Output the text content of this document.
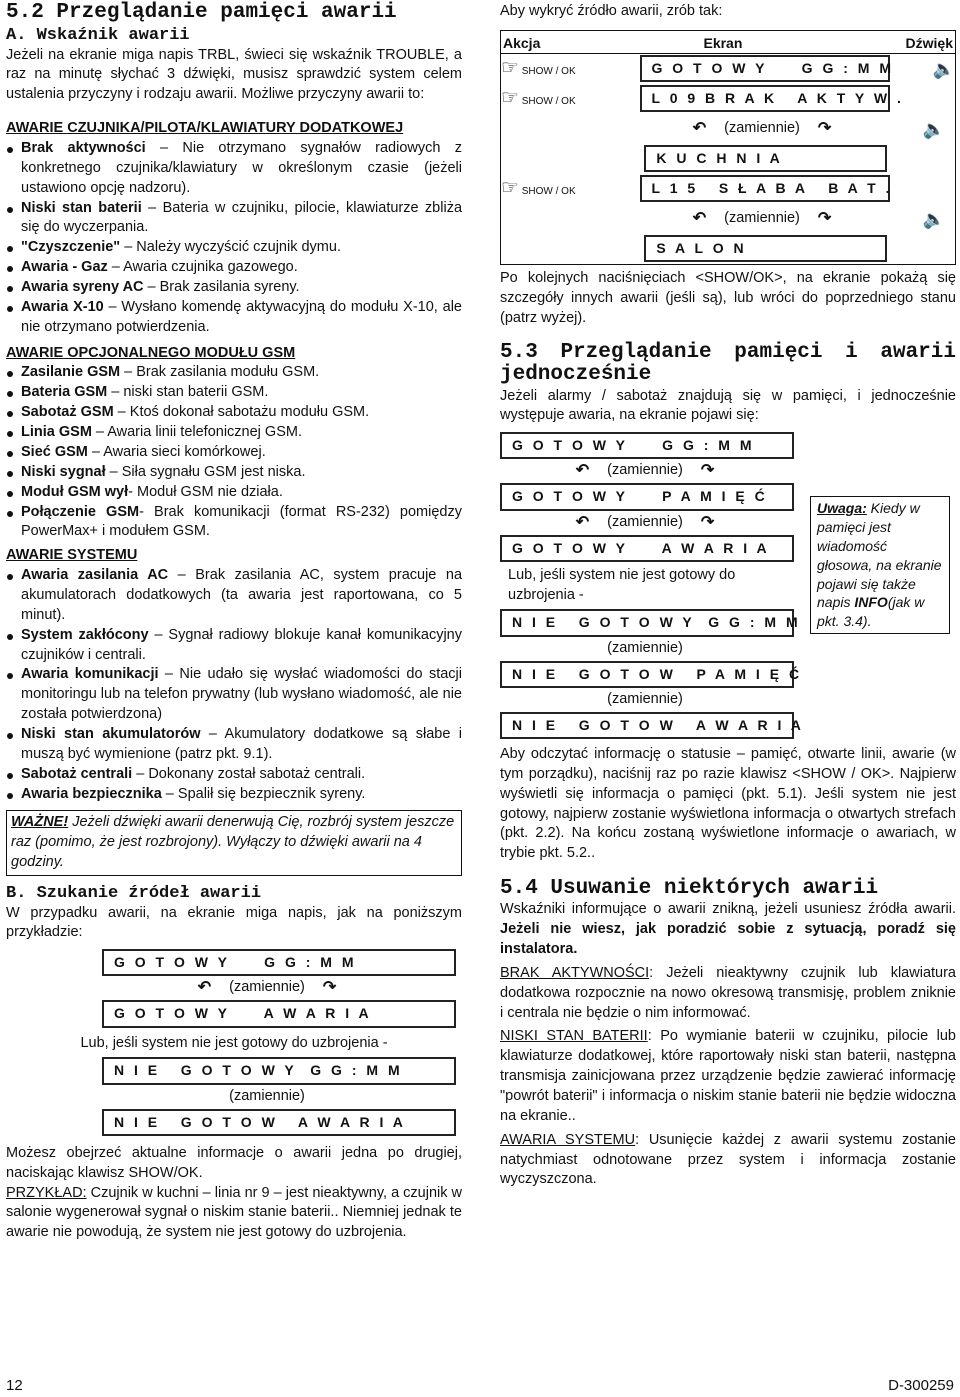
5.2 Przeglądanie pamięci awarii
A. Wskaźnik awarii

Jeżeli na ekranie miga napis TRBL, świeci się wskaźnik TROUBLE, a raz na minutę słychać 3 dźwięki, musisz sprawdzić system celem ustalenia przyczyny i rodzaju awarii. Możliwe przyczyny awarii to:

AWARIE CZUJNIKA/PILOTA/KLAWIATURY DODATKOWEJ

Brak aktywności – Nie otrzymano sygnałów radiowych z konkretnego czujnika/klawiatury w określonym czasie (jeżeli ustawiono opcję nadzoru).
Niski stan baterii – Bateria w czujniku, pilocie, klawiaturze zbliża się do wyczerpania.
"Czyszczenie" – Należy wyczyścić czujnik dymu.
Awaria - Gaz – Awaria czujnika gazowego.
Awaria syreny AC – Brak zasilania syreny.
Awaria X-10 – Wysłano komendę aktywacyjną do modułu X-10, ale nie otrzymano potwierdzenia.

AWARIE OPCJONALNEGO MODUŁU GSM

Zasilanie GSM – Brak zasilania modułu GSM.
Bateria GSM – niski stan baterii GSM.
Sabotaż GSM – Ktoś dokonał sabotażu modułu GSM.
Linia GSM – Awaria linii telefonicznej GSM.
Sieć GSM – Awaria sieci komórkowej.
Niski sygnał – Siła sygnału GSM jest niska.
Moduł GSM wył- Moduł GSM nie działa.
Połączenie GSM- Brak komunikacji (format RS-232) pomiędzy PowerMax+ i modułem GSM.

AWARIE SYSTEMU

Awaria zasilania AC – Brak zasilania AC, system pracuje na akumulatorach dodatkowych (ta awaria jest raportowana, co 5 minut).
System zakłócony – Sygnał radiowy blokuje kanał komunikacyjny czujników i centrali.
Awaria komunikacji – Nie udało się wysłać wiadomości do stacji monitoringu lub na telefon prywatny (lub wysłano wiadomość, ale nie została potwierdzona)
Niski stan akumulatorów – Akumulatory dodatkowe są słabe i muszą być wymienione (patrz pkt. 9.1).
Sabotaż centrali – Dokonany został sabotaż centrali.
Awaria bezpiecznika – Spalił się bezpiecznik syreny.
WAŻNE! Jeżeli dźwięki awarii denerwują Cię, rozbrój system jeszcze raz (pomimo, że jest rozbrojony). Wyłączy to dźwięki awarii na 4 godziny.
B. Szukanie źródeł awarii

W przypadku awarii, na ekranie miga napis, jak na poniższym przykładzie:

G O T O W Y     G G : M M
↶ (zamiennie) ↷
G O T O W Y     A W A R I A

Lub, jeśli system nie jest gotowy do uzbrojenia -

N I E   G O T O W Y  G G : M M
(zamiennie)
N I E   G O T O W   A W A R I A

Możesz obejrzeć aktualne informacje o awarii jedna po drugiej, naciskając klawisz SHOW/OK.

PRZYKŁAD: Czujnik w kuchni – linia nr 9 – jest nieaktywny, a czujnik w salonie wygenerował sygnał o niskim stanie baterii.. Niemniej jednak te awarie nie powodują, że system nie jest gotowy do uzbrojenia.

Aby wykryć źródło awarii, zrób tak:

Akcja	Ekran	Dźwięk
☞ SHOW / OK	G O T O W Y     G G : M M	🔈
☞ SHOW / OK	L 0 9 B R A K   A K T Y W .
↶ (zamiennie) ↷	🔈
K U C H N I A
☞ SHOW / OK	L 1 5   S Ł A B A   B A T .
↶ (zamiennie) ↷	🔈
S A L O N

Po kolejnych naciśnięciach <SHOW/OK>, na ekranie pokażą się szczegóły innych awarii (jeśli są), lub wróci do poprzedniego stanu (patrz wyżej).

5.3 Przeglądanie pamięci i awarii jednocześnie

Jeżeli alarmy / sabotaż znajdują się w pamięci, i jednocześnie występuje awaria, na ekranie pojawi się:

G O T O W Y     G G : M M
↶ (zamiennie) ↷
G O T O W Y     P A M I Ę Ć
↶ (zamiennie) ↷
G O T O W Y     A W A R I A

Lub, jeśli system nie jest gotowy do uzbrojenia -

N I E   G O T O W Y  G G : M M
(zamiennie)
N I E   G O T O W   P A M I Ę Ć
(zamiennie)
N I E   G O T O W   A W A R I A
Uwaga: Kiedy w pamięci jest wiadomość głosowa, na ekranie pojawi się także napis INFO(jak w pkt. 3.4).

Aby odczytać informację o statusie – pamięć, otwarte linii, awarie (w tym porządku), naciśnij raz po razie klawisz <SHOW / OK>. Najpierw wyświetli się informacja o pamięci (pkt. 5.1). Jeśli system nie jest gotowy, najpierw zostanie wyświetlona informacja o otwartych strefach (pkt. 2.2). Na końcu zostaną wyświetlone informacje o awariach, w trybie pkt. 5.2..

5.4 Usuwanie niektórych awarii

Wskaźniki informujące o awarii znikną, jeżeli usuniesz źródła awarii. Jeżeli nie wiesz, jak poradzić sobie z sytuacją, poradź się instalatora.

BRAK AKTYWNOŚCI: Jeżeli nieaktywny czujnik lub klawiatura dodatkowa rozpocznie na nowo okresową transmisję, problem zniknie i centrala nie będzie o nim informować.

NISKI STAN BATERII: Po wymianie baterii w czujniku, pilocie lub klawiaturze dodatkowej, które raportowały niski stan baterii, następna transmisja zainicjowana przez urządzenie będzie zawierać informację "powrót baterii" i informacja o niskim stanie baterii nie będzie widoczna na ekranie..

AWARIA SYSTEMU: Usunięcie każdej z awarii systemu zostanie natychmiast odnotowane przez system i informacja zostanie wyczyszczona.

12	D-300259
